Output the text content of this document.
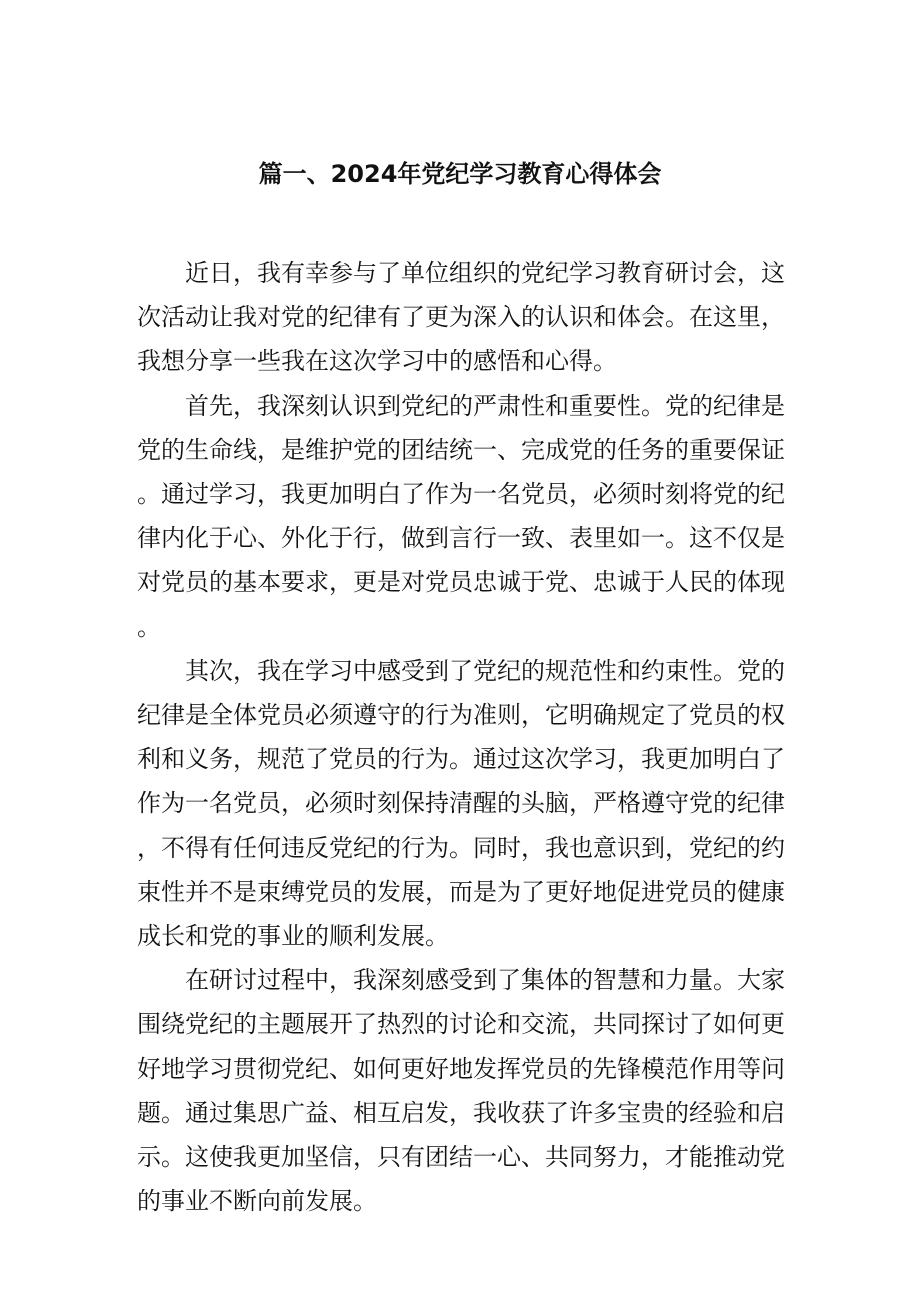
篇一、2024年党纪学习教育心得体会

近日，我有幸参与了单位组织的党纪学习教育研讨会，这次活动让我对党的纪律有了更为深入的认识和体会。在这里，我想分享一些我在这次学习中的感悟和心得。

首先，我深刻认识到党纪的严肃性和重要性。党的纪律是党的生命线，是维护党的团结统一、完成党的任务的重要保证。通过学习，我更加明白了作为一名党员，必须时刻将党的纪律内化于心、外化于行，做到言行一致、表里如一。这不仅是对党员的基本要求，更是对党员忠诚于党、忠诚于人民的体现。

其次，我在学习中感受到了党纪的规范性和约束性。党的纪律是全体党员必须遵守的行为准则，它明确规定了党员的权利和义务，规范了党员的行为。通过这次学习，我更加明白了作为一名党员，必须时刻保持清醒的头脑，严格遵守党的纪律，不得有任何违反党纪的行为。同时，我也意识到，党纪的约束性并不是束缚党员的发展，而是为了更好地促进党员的健康成长和党的事业的顺利发展。

在研讨过程中，我深刻感受到了集体的智慧和力量。大家围绕党纪的主题展开了热烈的讨论和交流，共同探讨了如何更好地学习贯彻党纪、如何更好地发挥党员的先锋模范作用等问题。通过集思广益、相互启发，我收获了许多宝贵的经验和启示。这使我更加坚信，只有团结一心、共同努力，才能推动党的事业不断向前发展。
